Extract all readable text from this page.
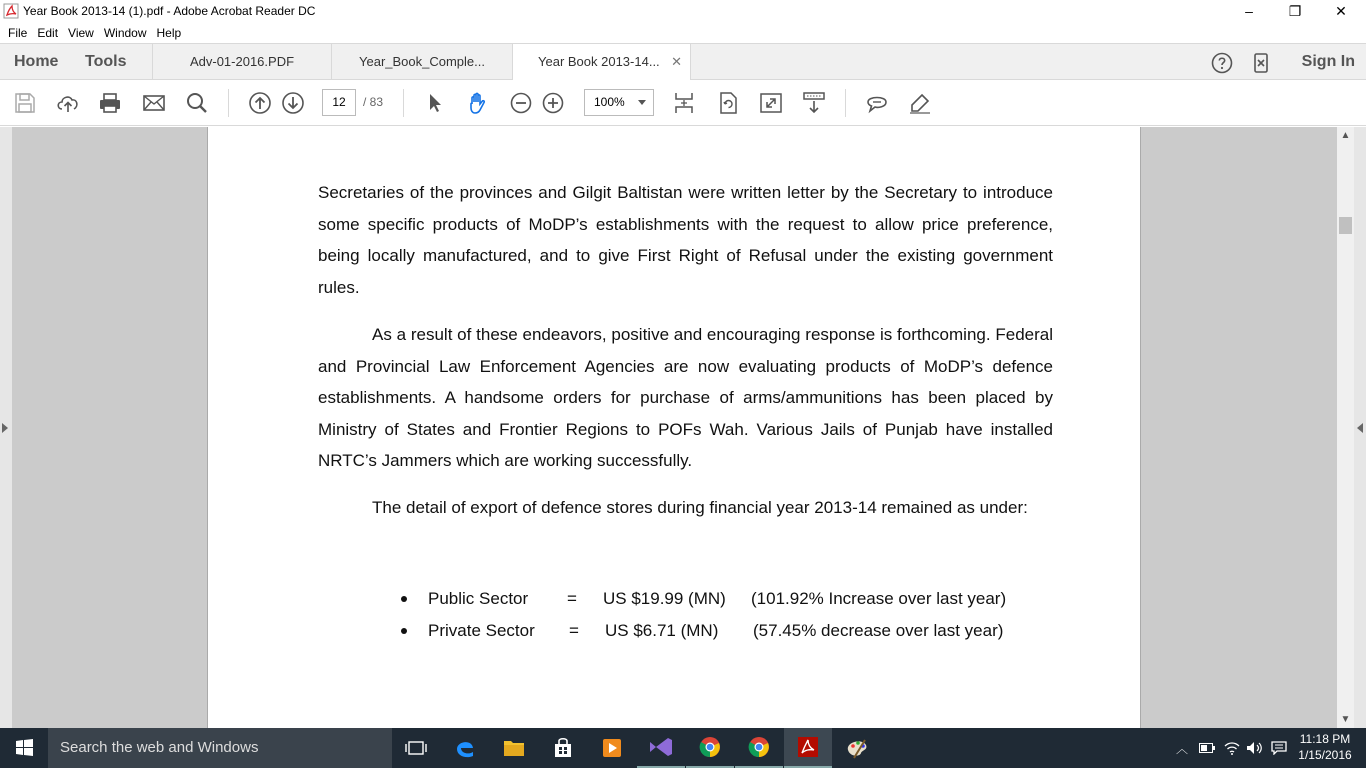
Year Book 2013-14 (1).pdf - Adobe Acrobat Reader DC	–	❐ ✕
File Edit View Window Help
Home Tools	Adv-01-2016.PDF	Year_Book_Comple...	Year Book 2013-14... ✕	Sign In
12	/ 83	100%
Secretaries of the provinces and Gilgit Baltistan were written letter by the Secretary to introduce some specific products of MoDP’s establishments with the request to allow price preference, being locally manufactured, and to give First Right of Refusal under the existing government rules.
As a result of these endeavors, positive and encouraging response is forthcoming. Federal and Provincial Law Enforcement Agencies are now evaluating products of MoDP’s defence establishments. A handsome orders for purchase of arms/ammunitions has been placed by Ministry of States and Frontier Regions to POFs Wah. Various Jails of Punjab have installed NRTC’s Jammers which are working successfully.
The detail of export of defence stores during financial year 2013-14 remained as under:
Public Sector = US $19.99 (MN) (101.92% Increase over last year)
Private Sector = US $6.71 (MN) (57.45% decrease over last year)
▲
▼
Search the web and Windows	︿
11:18 PM
1/15/2016
